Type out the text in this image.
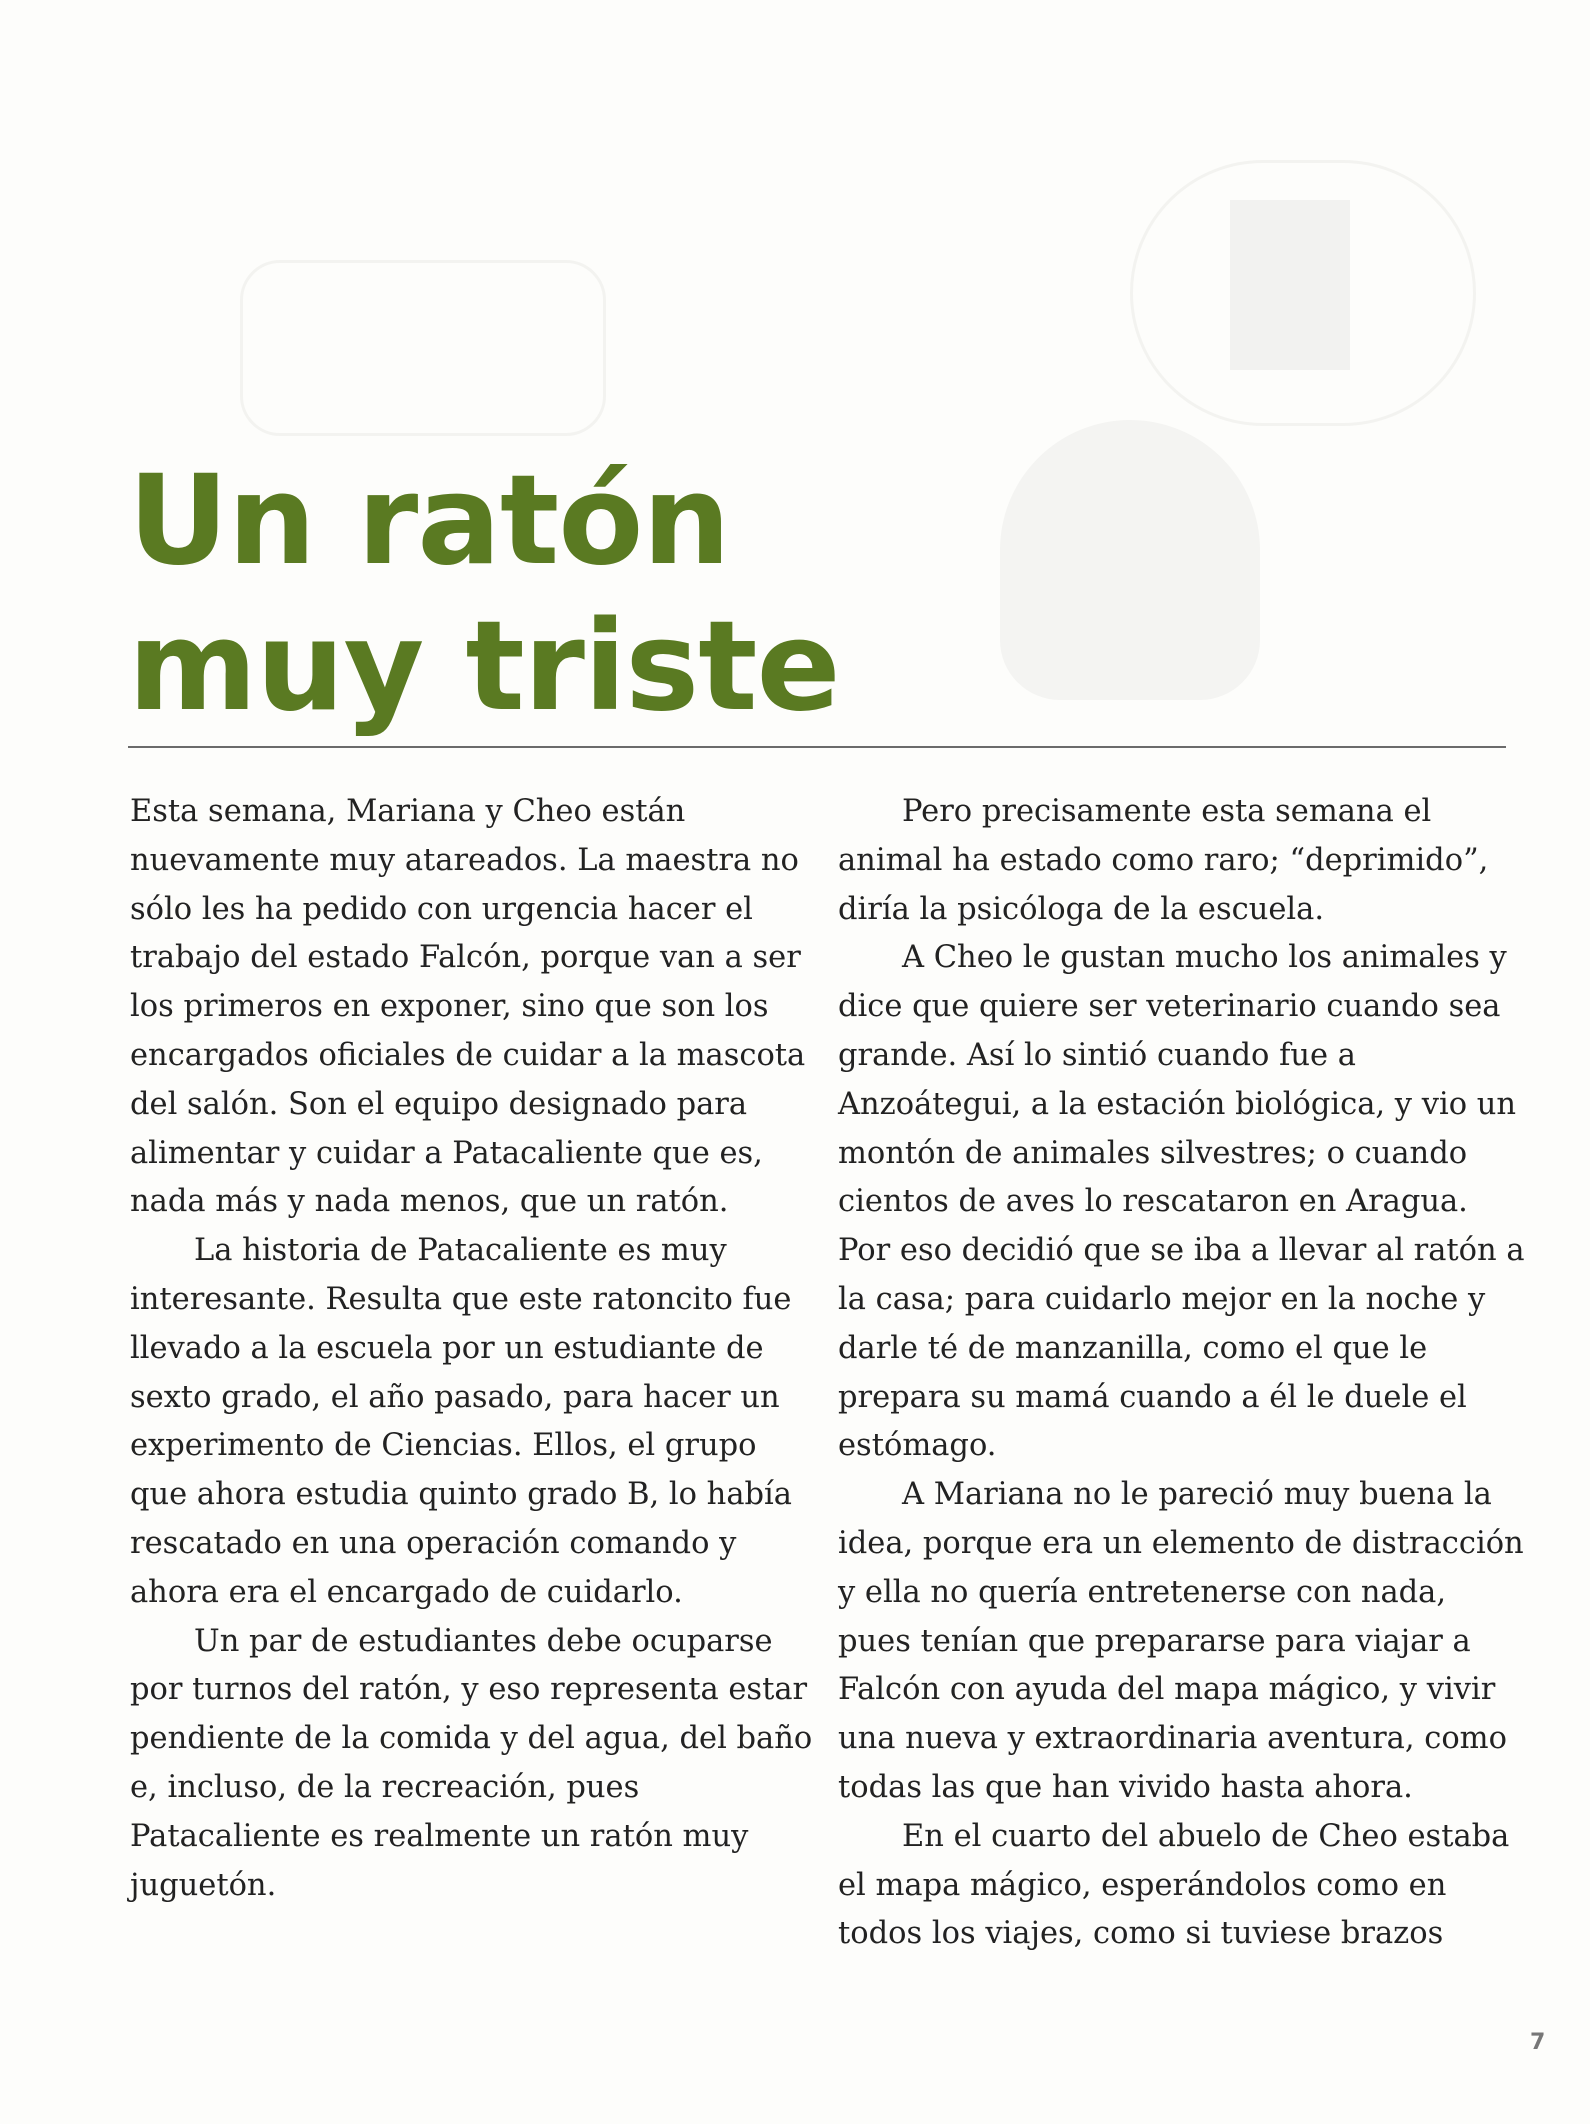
Un ratón
muy triste

Esta semana, Mariana y Cheo están nuevamente muy atareados. La maestra no sólo les ha pedido con urgencia hacer el trabajo del estado Falcón, porque van a ser los primeros en exponer, sino que son los encargados oficiales de cuidar a la mascota del salón. Son el equipo designado para alimentar y cuidar a Patacaliente que es, nada más y nada menos, que un ratón.

La historia de Patacaliente es muy interesante. Resulta que este ratoncito fue llevado a la escuela por un estudiante de sexto grado, el año pasado, para hacer un experimento de Ciencias. Ellos, el grupo que ahora estudia quinto grado B, lo había rescatado en una operación comando y ahora era el encargado de cuidarlo.

Un par de estudiantes debe ocuparse por turnos del ratón, y eso representa estar pendiente de la comida y del agua, del baño e, incluso, de la recreación, pues Patacaliente es realmente un ratón muy juguetón.

Pero precisamente esta semana el animal ha estado como raro; “deprimido”, diría la psicóloga de la escuela.

A Cheo le gustan mucho los animales y dice que quiere ser veterinario cuando sea grande. Así lo sintió cuando fue a Anzoátegui, a la estación biológica, y vio un montón de animales silvestres; o cuando cientos de aves lo rescataron en Aragua. Por eso decidió que se iba a llevar al ratón a la casa; para cuidarlo mejor en la noche y darle té de manzanilla, como el que le prepara su mamá cuando a él le duele el estómago.

A Mariana no le pareció muy buena la idea, porque era un elemento de distracción y ella no quería entretenerse con nada, pues tenían que prepararse para viajar a Falcón con ayuda del mapa mágico, y vivir una nueva y extraordinaria aventura, como todas las que han vivido hasta ahora.

En el cuarto del abuelo de Cheo estaba el mapa mágico, esperándolos como en todos los viajes, como si tuviese brazos

7
